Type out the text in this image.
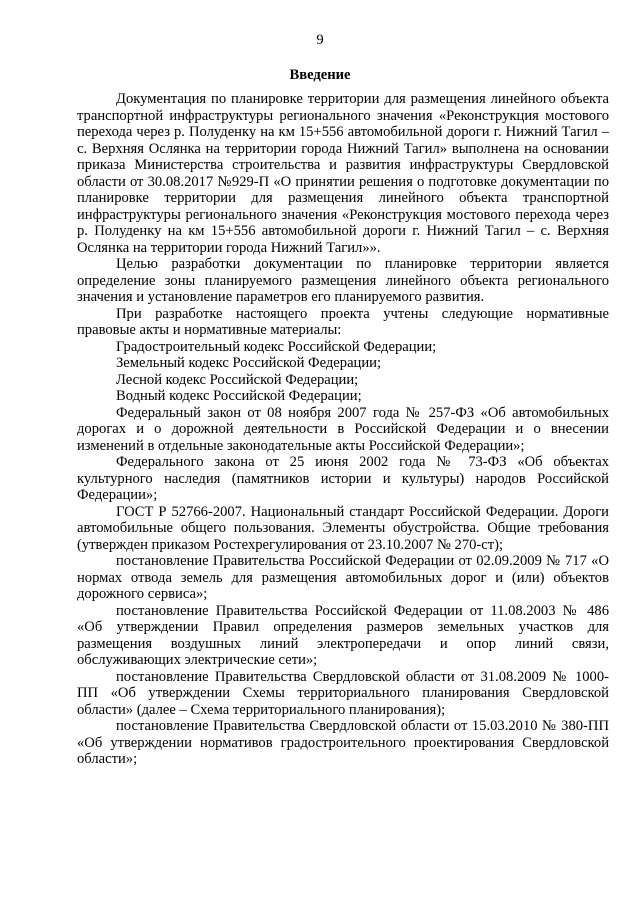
9
Введение

Документация по планировке территории для размещения линейного объекта транспортной инфраструктуры регионального значения «Реконструкция мостового перехода через р. Полуденку на км 15+556 автомобильной дороги г. Нижний Тагил – с. Верхняя Ослянка на территории города Нижний Тагил» выполнена на основании приказа Министерства строительства и развития инфраструктуры Свердловской области от 30.08.2017 №929-П «О принятии решения о подготовке документации по планировке территории для размещения линейного объекта транспортной инфраструктуры регионального значения «Реконструкция мостового перехода через р. Полуденку на км 15+556 автомобильной дороги г. Нижний Тагил – с. Верхняя Ослянка на территории города Нижний Тагил»».

Целью разработки документации по планировке территории является определение зоны планируемого размещения линейного объекта регионального значения и установление параметров его планируемого развития.

При разработке настоящего проекта учтены следующие нормативные правовые акты и нормативные материалы:

Градостроительный кодекс Российской Федерации;

Земельный кодекс Российской Федерации;

Лесной кодекс Российской Федерации;

Водный кодекс Российской Федерации;

Федеральный закон от 08 ноября 2007 года № 257-ФЗ «Об автомобильных дорогах и о дорожной деятельности в Российской Федерации и о внесении изменений в отдельные законодательные акты Российской Федерации»;

Федерального закона от 25 июня 2002 года № 73-ФЗ «Об объектах культурного наследия (памятников истории и культуры) народов Российской Федерации»;

ГОСТ Р 52766-2007. Национальный стандарт Российской Федерации. Дороги автомобильные общего пользования. Элементы обустройства. Общие требования (утвержден приказом Ростехрегулирования от 23.10.2007 № 270-ст);

постановление Правительства Российской Федерации от 02.09.2009 № 717 «О нормах отвода земель для размещения автомобильных дорог и (или) объектов дорожного сервиса»;

постановление Правительства Российской Федерации от 11.08.2003 № 486 «Об утверждении Правил определения размеров земельных участков для размещения воздушных линий электропередачи и опор линий связи, обслуживающих электрические сети»;

постановление Правительства Свердловской области от 31.08.2009 № 1000-ПП «Об утверждении Схемы территориального планирования Свердловской области» (далее – Схема территориального планирования);

постановление Правительства Свердловской области от 15.03.2010 № 380-ПП «Об утверждении нормативов градостроительного проектирования Свердловской области»;
